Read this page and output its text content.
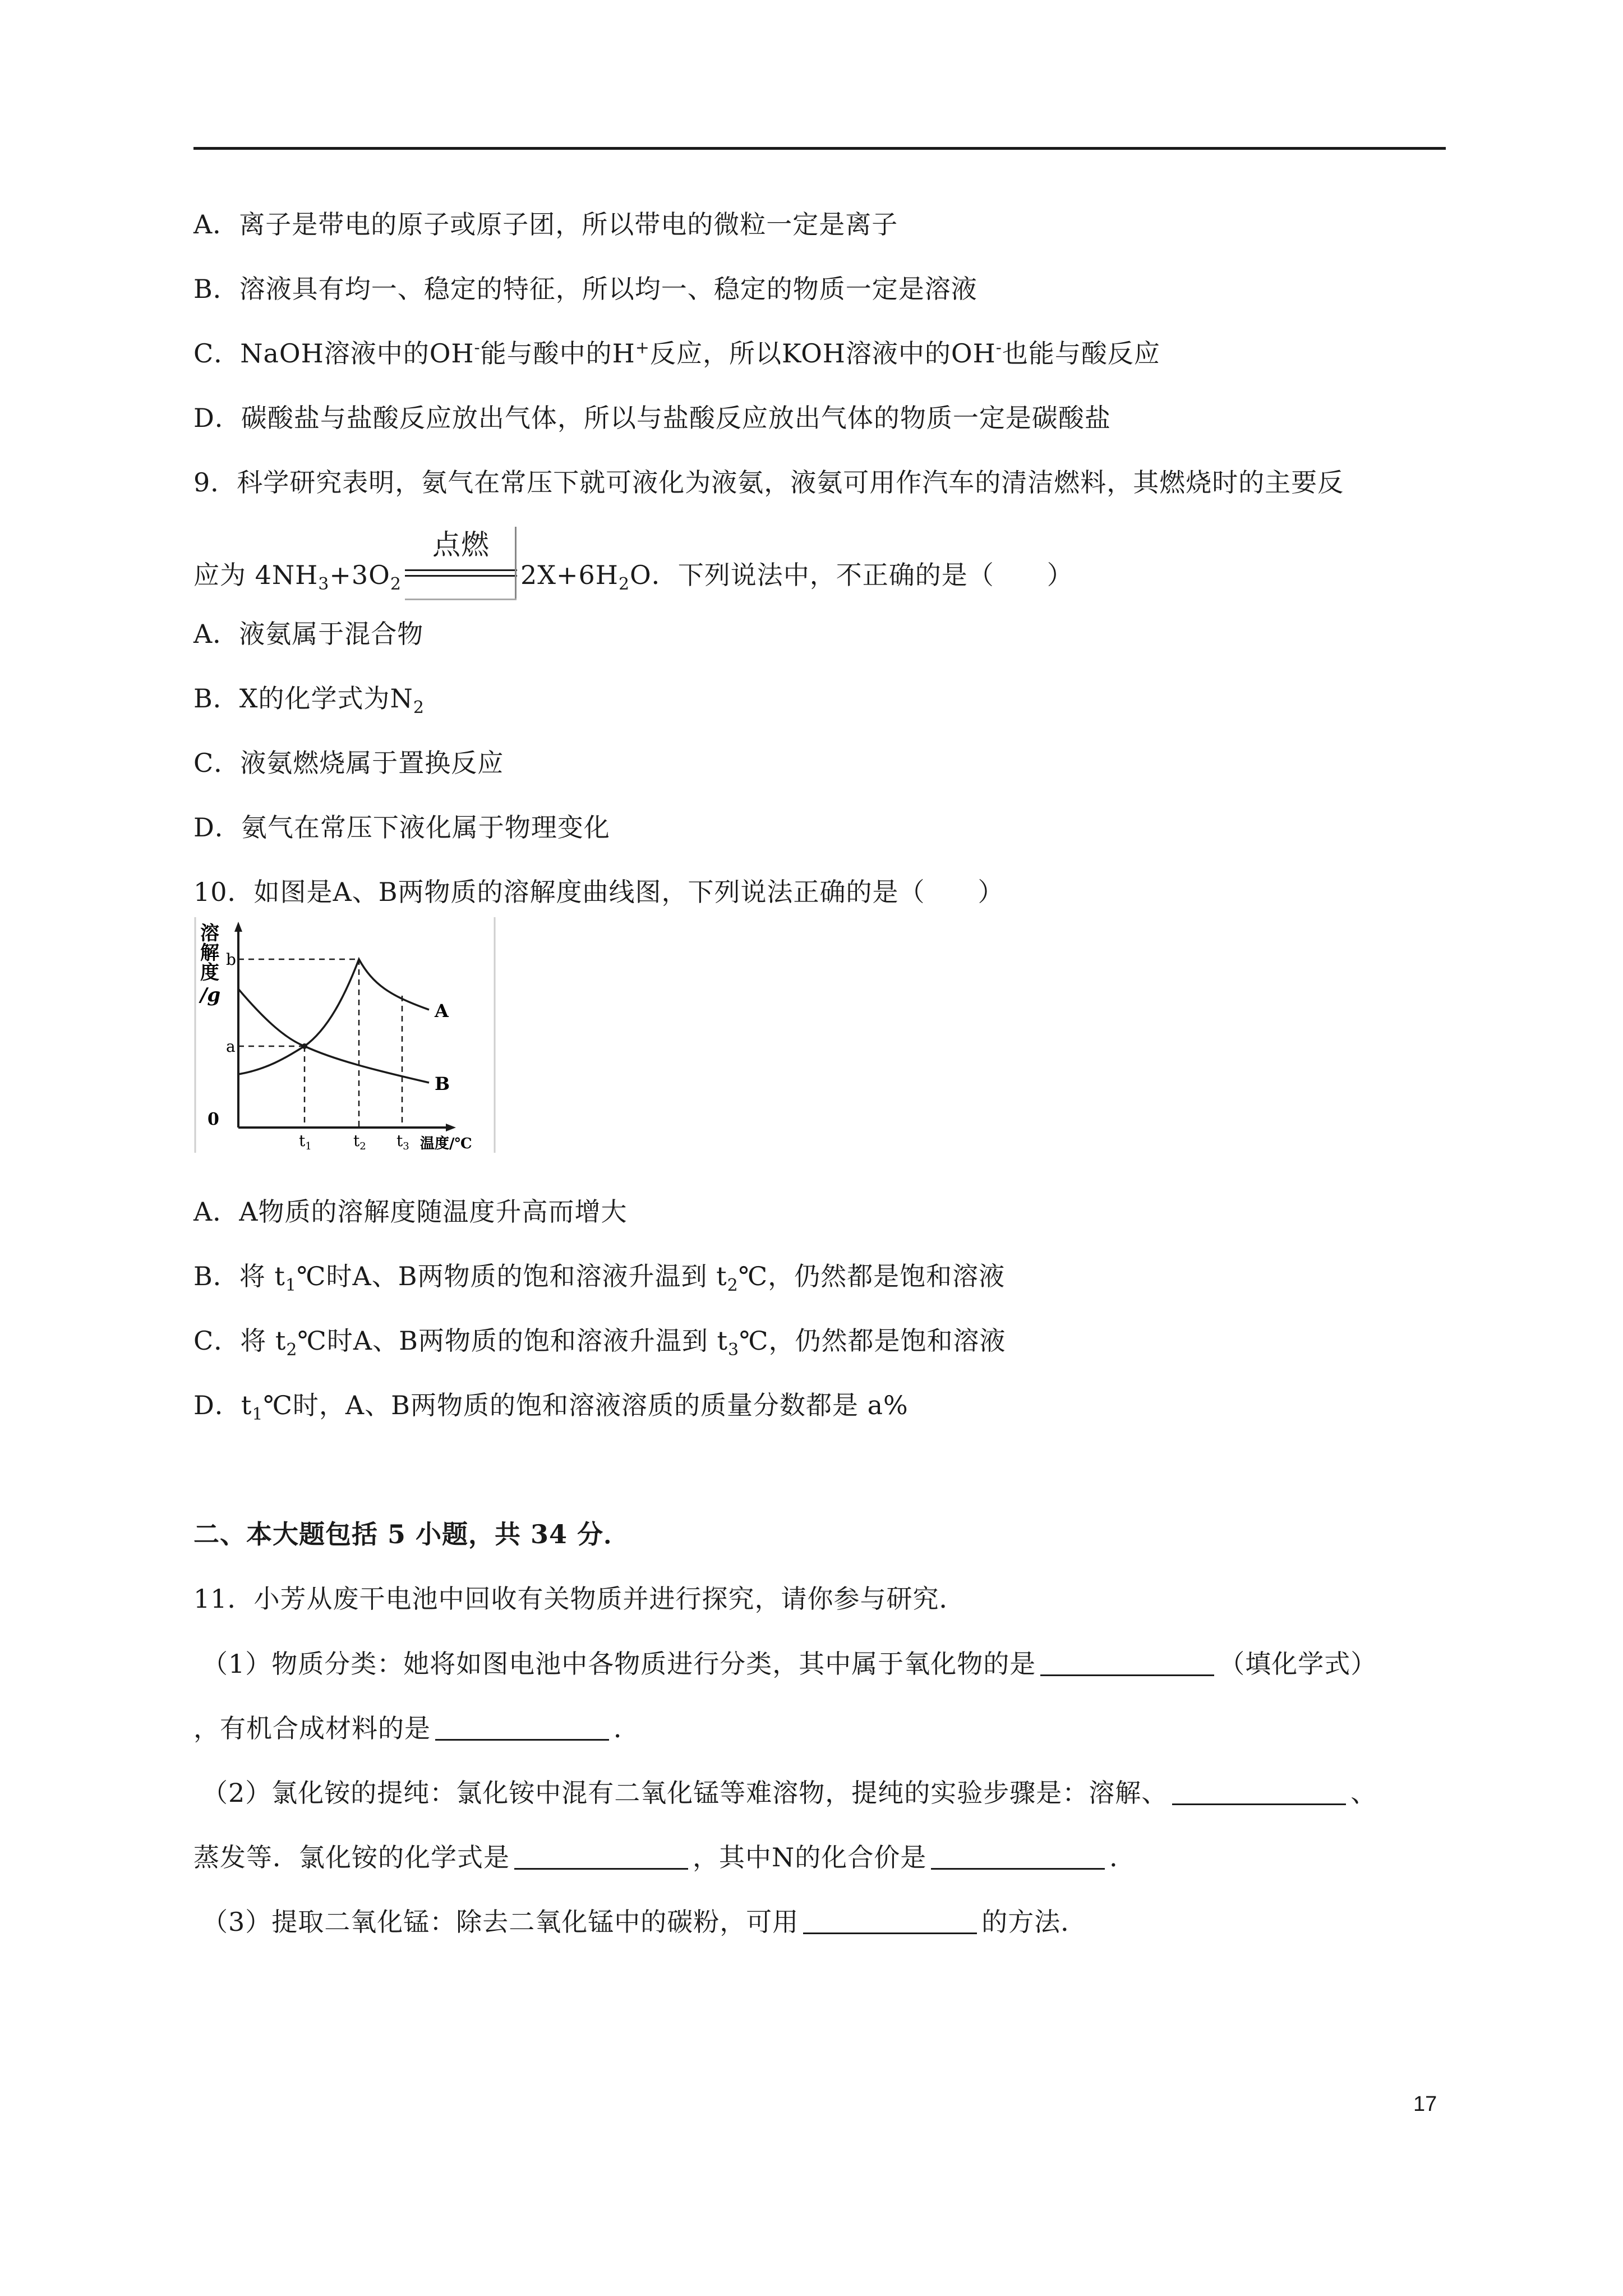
A．离子是带电的原子或原子团，所以带电的微粒一定是离子
B．溶液具有均一、稳定的特征，所以均一、稳定的物质一定是溶液
C．NaOH溶液中的OH-能与酸中的H+反应，所以KOH溶液中的OH-也能与酸反应
D．碳酸盐与盐酸反应放出气体，所以与盐酸反应放出气体的物质一定是碳酸盐
9．科学研究表明，氨气在常压下就可液化为液氨，液氨可用作汽车的清洁燃料，其燃烧时的主要反
应为 $4NH_3+3O_2$
点燃
$2X+6H_2O$．下列说法中，不正确的是（　　）
A．液氨属于混合物
B．X的化学式为$N_2$
C．液氨燃烧属于置换反应
D．氨气在常压下液化属于物理变化
10．如图是A、B两物质的溶解度曲线图，下列说法正确的是（　　）
溶
解
度
/g
b
a
0
$t_1$	$t_2$ $t_3$ 温度/℃
A
B
A．A物质的溶解度随温度升高而增大
B．将 $t_1℃$时A、B两物质的饱和溶液升温到 $t_2℃$，仍然都是饱和溶液
C．将 $t_2℃$时A、B两物质的饱和溶液升温到 $t_3℃$，仍然都是饱和溶液
D．$t_1℃$时，A、B两物质的饱和溶液溶质的质量分数都是 a%
二、本大题包括 5 小题，共 34 分．
11．小芳从废干电池中回收有关物质并进行探究，请你参与研究．
（1）物质分类：她将如图电池中各物质进行分类，其中属于氧化物的是	（填化学式）
，有机合成材料的是	．
（2）氯化铵的提纯：氯化铵中混有二氧化锰等难溶物，提纯的实验步骤是：溶解、	、
蒸发等．氯化铵的化学式是	，其中N的化合价是	．
（3）提取二氧化锰：除去二氧化锰中的碳粉，可用	的方法．
17
